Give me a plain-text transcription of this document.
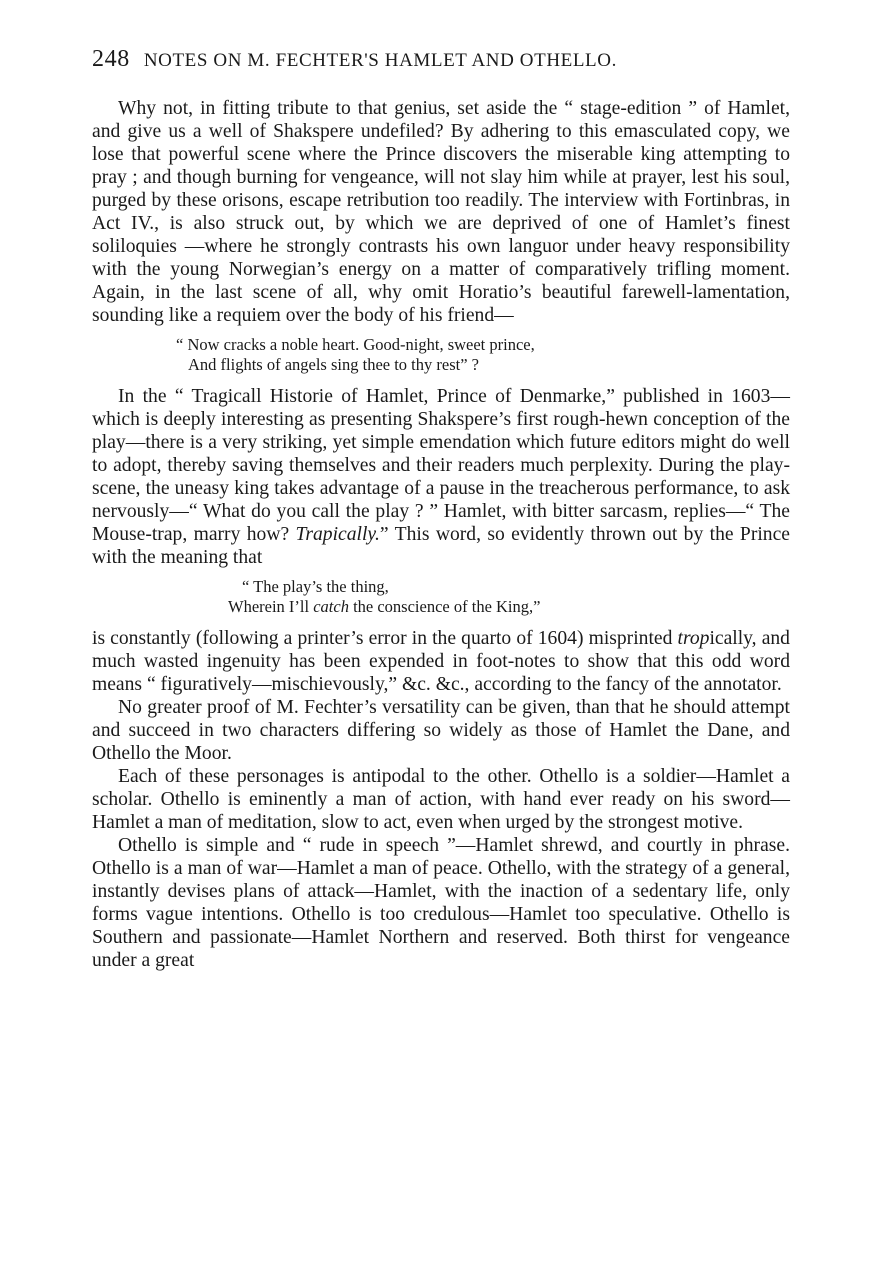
248 NOTES ON M. FECHTER'S HAMLET AND OTHELLO.

Why not, in fitting tribute to that genius, set aside the “ stage-edition ” of Hamlet, and give us a well of Shakspere undefiled? By adhering to this emasculated copy, we lose that powerful scene where the Prince discovers the miserable king attempting to pray ; and though burning for vengeance, will not slay him while at prayer, lest his soul, purged by these orisons, escape retribution too readily. The interview with Fortinbras, in Act IV., is also struck out, by which we are deprived of one of Hamlet’s finest soliloquies —where he strongly contrasts his own languor under heavy responsibility with the young Norwegian’s energy on a matter of comparatively trifling moment. Again, in the last scene of all, why omit Horatio’s beautiful farewell-lamentation, sounding like a requiem over the body of his friend—

“ Now cracks a noble heart. Good-night, sweet prince,
And flights of angels sing thee to thy rest” ?

In the “ Tragicall Historie of Hamlet, Prince of Denmarke,” published in 1603—which is deeply interesting as presenting Shakspere’s first rough-hewn conception of the play—there is a very striking, yet simple emendation which future editors might do well to adopt, thereby saving themselves and their readers much perplexity. During the play-scene, the uneasy king takes advantage of a pause in the treacherous performance, to ask nervously—“ What do you call the play ? ” Hamlet, with bitter sarcasm, replies—“ The Mouse-trap, marry how? Trapically.” This word, so evidently thrown out by the Prince with the meaning that

“ The play’s the thing,
Wherein I’ll catch the conscience of the King,”

is constantly (following a printer’s error in the quarto of 1604) misprinted tropically, and much wasted ingenuity has been expended in foot-notes to show that this odd word means “ figuratively—mischievously,” &c. &c., according to the fancy of the annotator.

No greater proof of M. Fechter’s versatility can be given, than that he should attempt and succeed in two characters differing so widely as those of Hamlet the Dane, and Othello the Moor.

Each of these personages is antipodal to the other. Othello is a soldier—Hamlet a scholar. Othello is eminently a man of action, with hand ever ready on his sword—Hamlet a man of meditation, slow to act, even when urged by the strongest motive.

Othello is simple and “ rude in speech ”—Hamlet shrewd, and courtly in phrase. Othello is a man of war—Hamlet a man of peace. Othello, with the strategy of a general, instantly devises plans of attack—Hamlet, with the inaction of a sedentary life, only forms vague intentions. Othello is too credulous—Hamlet too speculative. Othello is Southern and passionate—Hamlet Northern and reserved. Both thirst for vengeance under a great
